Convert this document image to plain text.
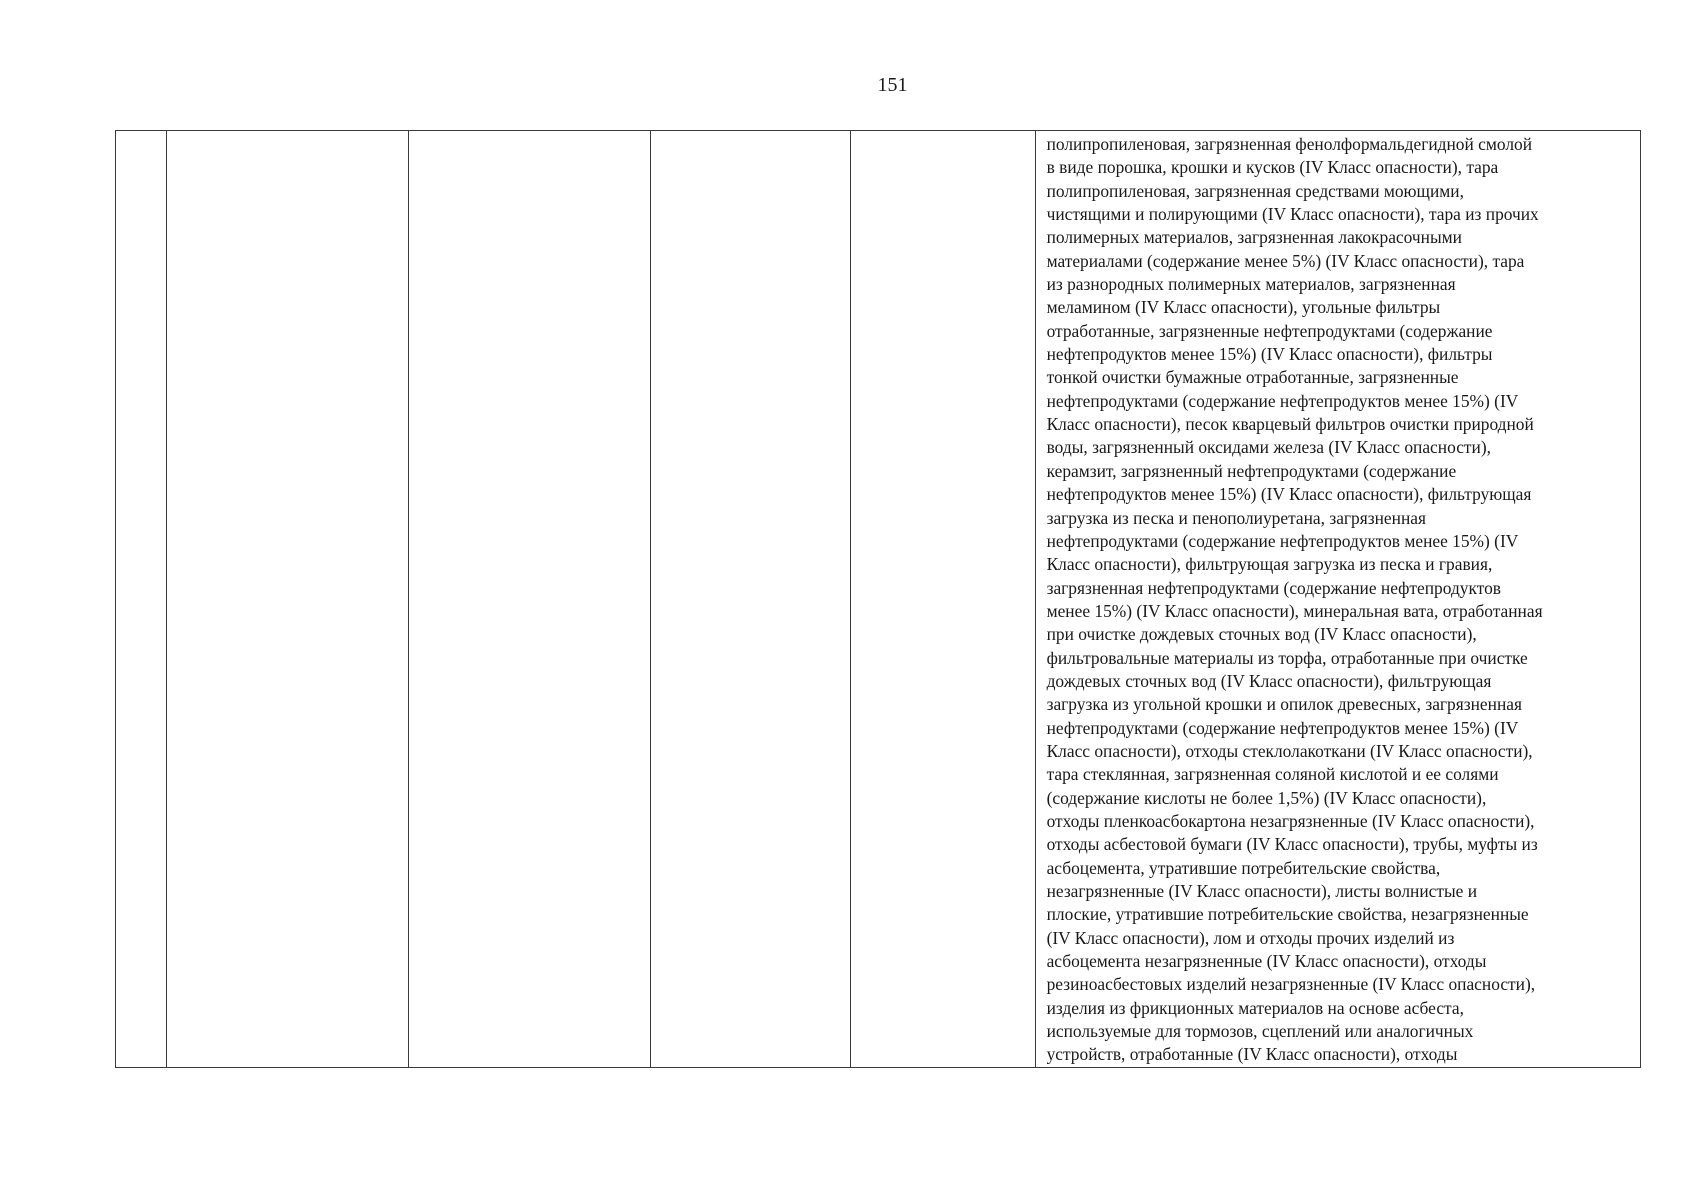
151

полипропиленовая, загрязненная фенолформальдегидной смолой
в виде порошка, крошки и кусков (IV Класс опасности), тара
полипропиленовая, загрязненная средствами моющими,
чистящими и полирующими (IV Класс опасности), тара из прочих
полимерных материалов, загрязненная лакокрасочными
материалами (содержание менее 5%) (IV Класс опасности), тара
из разнородных полимерных материалов, загрязненная
меламином (IV Класс опасности), угольные фильтры
отработанные, загрязненные нефтепродуктами (содержание
нефтепродуктов менее 15%) (IV Класс опасности), фильтры
тонкой очистки бумажные отработанные, загрязненные
нефтепродуктами (содержание нефтепродуктов менее 15%) (IV
Класс опасности), песок кварцевый фильтров очистки природной
воды, загрязненный оксидами железа (IV Класс опасности),
керамзит, загрязненный нефтепродуктами (содержание
нефтепродуктов менее 15%) (IV Класс опасности), фильтрующая
загрузка из песка и пенополиуретана, загрязненная
нефтепродуктами (содержание нефтепродуктов менее 15%) (IV
Класс опасности), фильтрующая загрузка из песка и гравия,
загрязненная нефтепродуктами (содержание нефтепродуктов
менее 15%) (IV Класс опасности), минеральная вата, отработанная
при очистке дождевых сточных вод (IV Класс опасности),
фильтровальные материалы из торфа, отработанные при очистке
дождевых сточных вод (IV Класс опасности), фильтрующая
загрузка из угольной крошки и опилок древесных, загрязненная
нефтепродуктами (содержание нефтепродуктов менее 15%) (IV
Класс опасности), отходы стеклолакоткани (IV Класс опасности),
тара стеклянная, загрязненная соляной кислотой и ее солями
(содержание кислоты не более 1,5%) (IV Класс опасности),
отходы пленкоасбокартона незагрязненные (IV Класс опасности),
отходы асбестовой бумаги (IV Класс опасности), трубы, муфты из
асбоцемента, утратившие потребительские свойства,
незагрязненные (IV Класс опасности), листы волнистые и
плоские, утратившие потребительские свойства, незагрязненные
(IV Класс опасности), лом и отходы прочих изделий из
асбоцемента незагрязненные (IV Класс опасности), отходы
резиноасбестовых изделий незагрязненные (IV Класс опасности),
изделия из фрикционных материалов на основе асбеста,
используемые для тормозов, сцеплений или аналогичных
устройств, отработанные (IV Класс опасности), отходы
